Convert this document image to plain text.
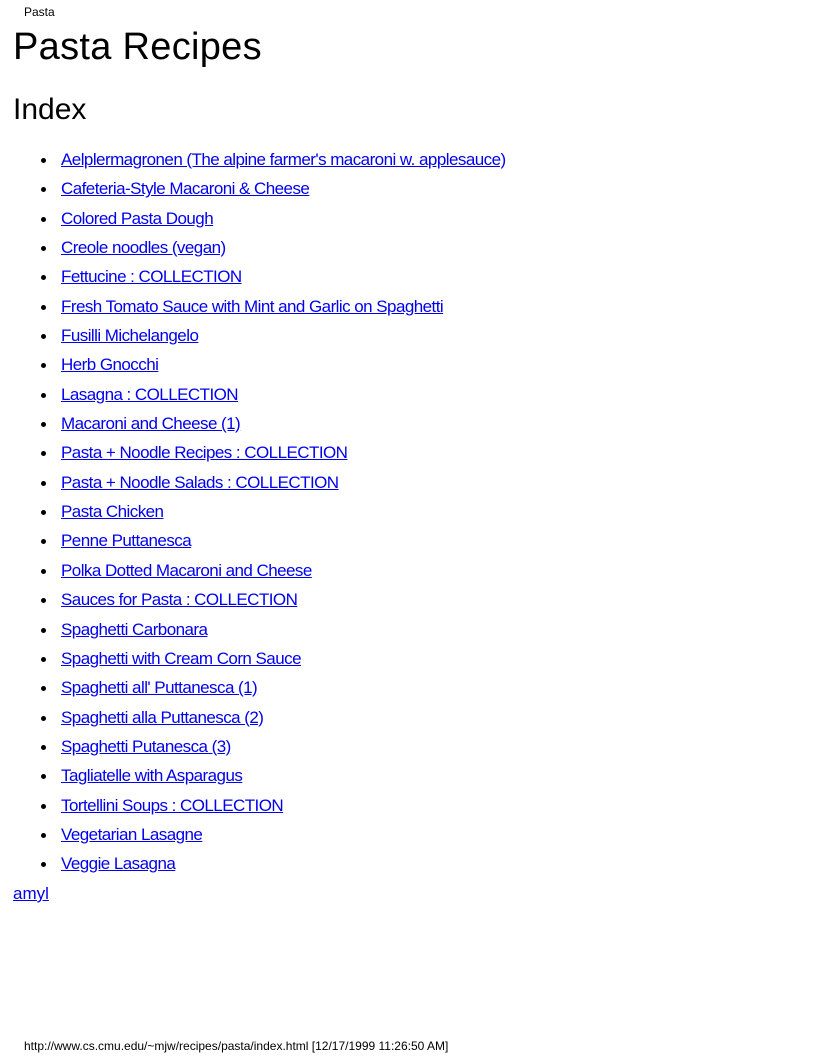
Pasta
Pasta Recipes
Index
Aelplermagronen (The alpine farmer's macaroni w. applesauce)
Cafeteria-Style Macaroni & Cheese
Colored Pasta Dough
Creole noodles (vegan)
Fettucine : COLLECTION
Fresh Tomato Sauce with Mint and Garlic on Spaghetti
Fusilli Michelangelo
Herb Gnocchi
Lasagna : COLLECTION
Macaroni and Cheese (1)
Pasta + Noodle Recipes : COLLECTION
Pasta + Noodle Salads : COLLECTION
Pasta Chicken
Penne Puttanesca
Polka Dotted Macaroni and Cheese
Sauces for Pasta : COLLECTION
Spaghetti Carbonara
Spaghetti with Cream Corn Sauce
Spaghetti all' Puttanesca (1)
Spaghetti alla Puttanesca (2)
Spaghetti Putanesca (3)
Tagliatelle with Asparagus
Tortellini Soups : COLLECTION
Vegetarian Lasagne
Veggie Lasagna
amyl
http://www.cs.cmu.edu/~mjw/recipes/pasta/index.html [12/17/1999 11:26:50 AM]
